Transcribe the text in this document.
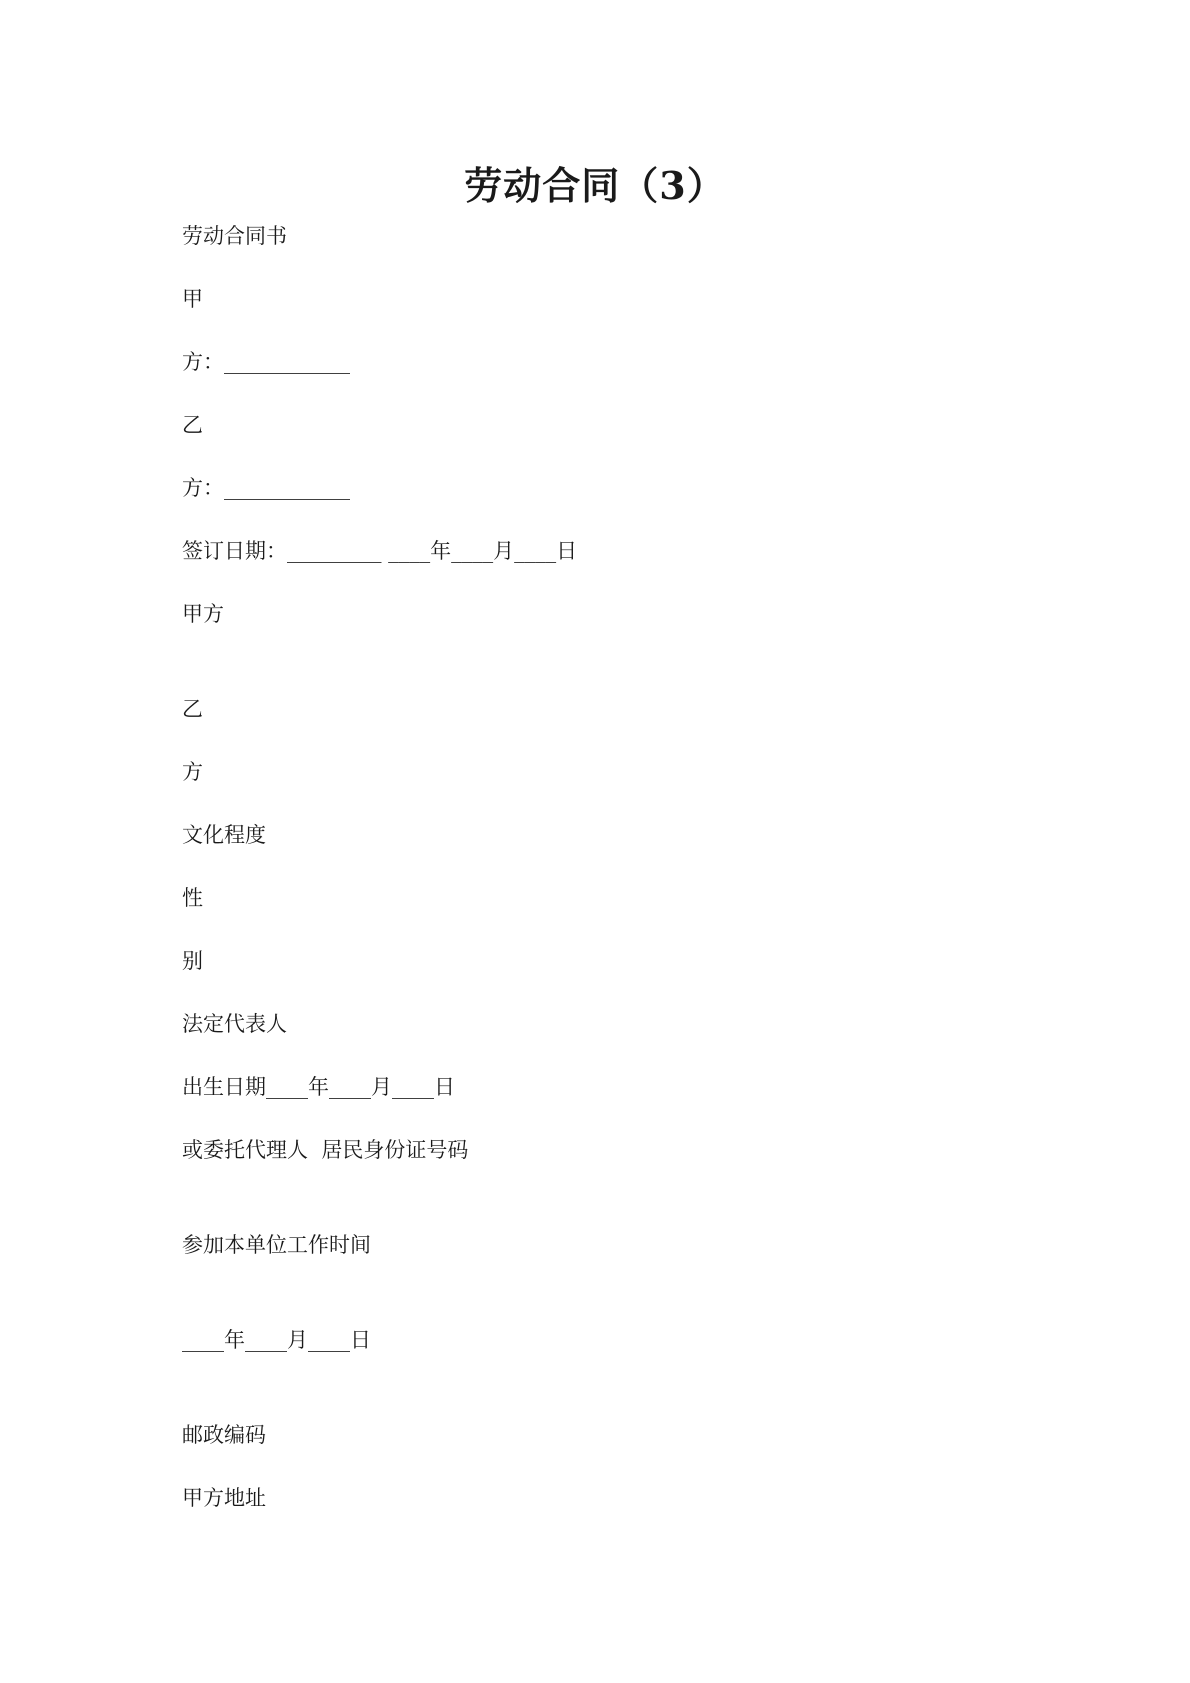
劳动合同（3）
劳动合同书
甲
方：____________
乙
方：____________
签订日期：_________ ____年____月____日
甲方
乙
方
文化程度
性
别
法定代表人
出生日期____年____月____日
或委托代理人  居民身份证号码
参加本单位工作时间
____年____月____日
邮政编码
甲方地址
